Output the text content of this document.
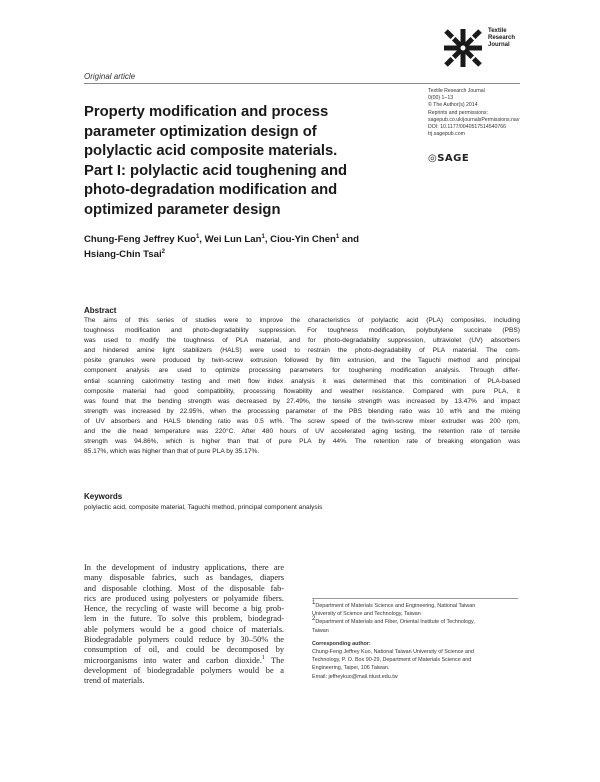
Textile
Research
Journal
Original article
Textile Research Journal
0(00) 1–13
© The Author(s) 2014
Reprints and permissions:
sagepub.co.uk/journalsPermissions.nav
DOI: 10.1177/0040517514540766
trj.sagepub.com
◎SAGE
Property modification and process
parameter optimization design of
polylactic acid composite materials.
Part I: polylactic acid toughening and
photo-degradation modification and
optimized parameter design
Chung-Feng Jeffrey Kuo$^1$, Wei Lun Lan$^1$, Ciou-Yin Chen$^1$ and
Hsiang-Chin Tsai$^2$
Abstract
The aims of this series of studies were to improve the characteristics of polylactic acid (PLA) composites, including
toughness modification and photo-degradability suppression. For toughness modification, polybutylene succinate (PBS)
was used to modify the toughness of PLA material, and for photo-degradability suppression, ultraviolet (UV) absorbers
and hindered amine light stabilizers (HALS) were used to restrain the photo-degradability of PLA material. The com-
posite granules were produced by twin-screw extrusion followed by film extrusion, and the Taguchi method and principal
component analysis are used to optimize processing parameters for toughening modification analysis. Through differ-
ential scanning calorimetry testing and melt flow index analysis it was determined that this combination of PLA-based
composite material had good compatibility, processing flowability and weather resistance. Compared with pure PLA, it
was found that the bending strength was decreased by 27.49%, the tensile strength was increased by 13.47% and impact
strength was increased by 22.95%, when the processing parameter of the PBS blending ratio was 10 wt% and the mixing
of UV absorbers and HALS blending ratio was 0.5 wt%. The screw speed of the twin-screw mixer extruder was 200 rpm,
and the die head temperature was 220°C. After 480 hours of UV accelerated aging testing, the retention rate of tensile
strength was 94.86%, which is higher than that of pure PLA by 44%. The retention rate of breaking elongation was
85.17%, which was higher than that of pure PLA by 35.17%.
Keywords
polylactic acid, composite material, Taguchi method, principal component analysis
In the development of industry applications, there are
many disposable fabrics, such as bandages, diapers
and disposable clothing. Most of the disposable fab-
rics are produced using polyesters or polyamide fibers.
Hence, the recycling of waste will become a big prob-
lem in the future. To solve this problem, biodegrad-
able polymers would be a good choice of materials.
Biodegradable polymers could reduce by 30–50% the
consumption of oil, and could be decomposed by
microorganisms into water and carbon dioxide.$^1$ The
development of biodegradable polymers would be a
trend of materials.
$^1$Department of Materials Science and Engineering, National Taiwan
University of Science and Technology, Taiwan
$^2$Department of Materials and Fiber, Oriental Institute of Technology,
Taiwan
Corresponding author:
Chung-Feng Jeffrey Kuo, National Taiwan University of Science and
Technology, P. O. Box 90-29, Department of Materials Science and
Engineering, Taipei, 106 Taiwan.
Email: jeffreykuo@mail.ntust.edu.tw
